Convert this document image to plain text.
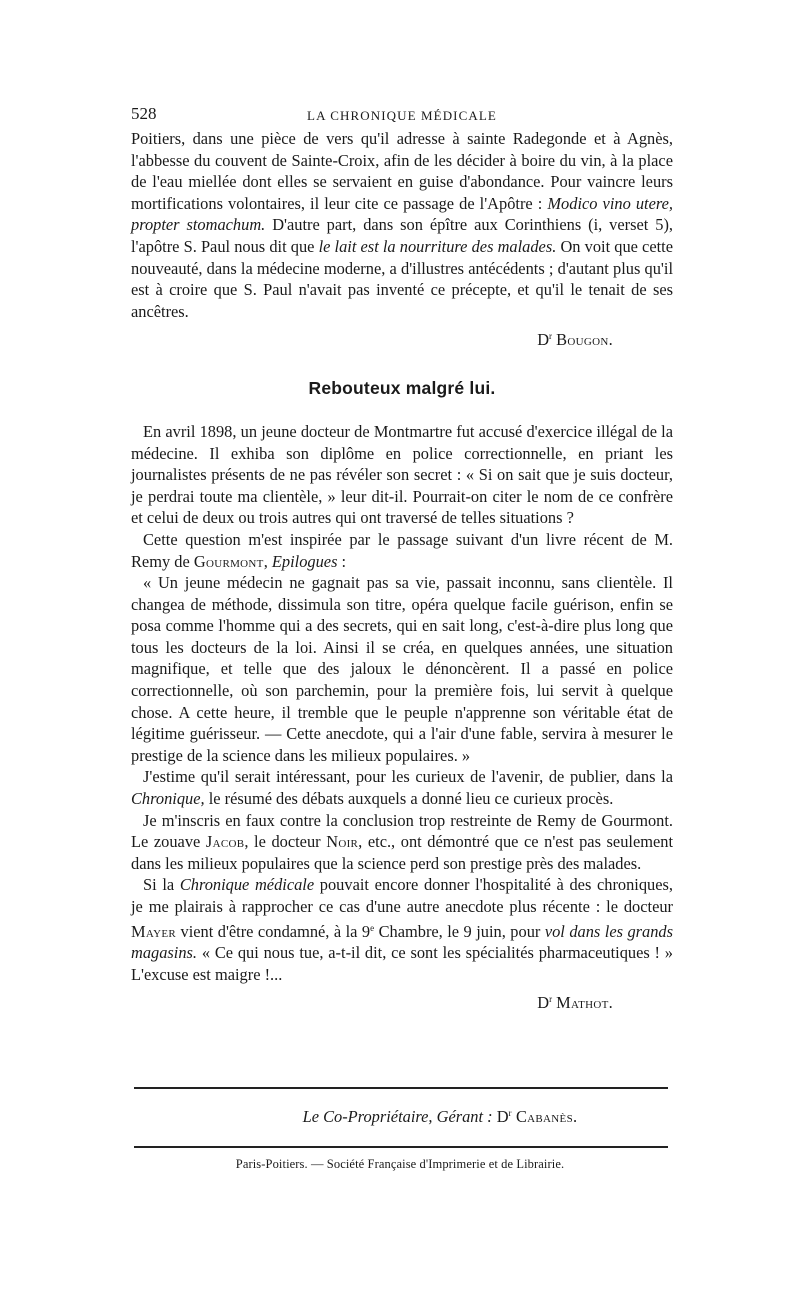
528	LA CHRONIQUE MÉDICALE

Poitiers, dans une pièce de vers qu'il adresse à sainte Radegonde et à Agnès, l'abbesse du couvent de Sainte-Croix, afin de les décider à boire du vin, à la place de l'eau miellée dont elles se servaient en guise d'abondance. Pour vaincre leurs mortifications volontaires, il leur cite ce passage de l'Apôtre : Modico vino utere, propter stomachum. D'autre part, dans son épître aux Corinthiens (i, verset 5), l'apôtre S. Paul nous dit que le lait est la nourriture des malades. On voit que cette nouveauté, dans la médecine moderne, a d'illustres antécédents ; d'autant plus qu'il est à croire que S. Paul n'avait pas inventé ce précepte, et qu'il le tenait de ses ancêtres.

$D^r$ Bougon.

Rebouteux malgré lui.

En avril 1898, un jeune docteur de Montmartre fut accusé d'exercice illégal de la médecine. Il exhiba son diplôme en police correctionnelle, en priant les journalistes présents de ne pas révéler son secret : « Si on sait que je suis docteur, je perdrai toute ma clientèle, » leur dit-il. Pourrait-on citer le nom de ce confrère et celui de deux ou trois autres qui ont traversé de telles situations ?

Cette question m'est inspirée par le passage suivant d'un livre récent de M. Remy de Gourmont, Epilogues :

« Un jeune médecin ne gagnait pas sa vie, passait inconnu, sans clientèle. Il changea de méthode, dissimula son titre, opéra quelque facile guérison, enfin se posa comme l'homme qui a des secrets, qui en sait long, c'est-à-dire plus long que tous les docteurs de la loi. Ainsi il se créa, en quelques années, une situation magnifique, et telle que des jaloux le dénoncèrent. Il a passé en police correctionnelle, où son parchemin, pour la première fois, lui servit à quelque chose. A cette heure, il tremble que le peuple n'apprenne son véritable état de légitime guérisseur. — Cette anecdote, qui a l'air d'une fable, servira à mesurer le prestige de la science dans les milieux populaires. »

J'estime qu'il serait intéressant, pour les curieux de l'avenir, de publier, dans la Chronique, le résumé des débats auxquels a donné lieu ce curieux procès.

Je m'inscris en faux contre la conclusion trop restreinte de Remy de Gourmont. Le zouave Jacob, le docteur Noir, etc., ont démontré que ce n'est pas seulement dans les milieux populaires que la science perd son prestige près des malades.

Si la Chronique médicale pouvait encore donner l'hospitalité à des chroniques, je me plairais à rapprocher ce cas d'une autre anecdote plus récente : le docteur Mayer vient d'être condamné, à la 9e Chambre, le 9 juin, pour vol dans les grands magasins. « Ce qui nous tue, a-t-il dit, ce sont les spécialités pharmaceutiques ! » L'excuse est maigre !...

$D^r$ Mathot.

Le Co-Propriétaire, Gérant : $D^r$ Cabanès.
Paris-Poitiers. — Société Française d'Imprimerie et de Librairie.
